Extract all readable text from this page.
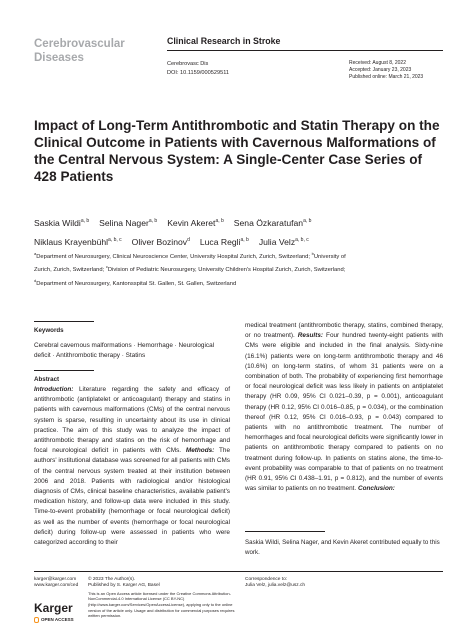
Cerebrovascular
Diseases
Clinical Research in Stroke
Cerebrovasc Dis
DOI: 10.1159/000529511
Received: August 8, 2022
Accepted: January 23, 2023
Published online: March 21, 2023
Impact of Long-Term Antithrombotic and Statin Therapy on the Clinical Outcome in Patients with Cavernous Malformations of the Central Nervous System: A Single-Center Case Series of 428 Patients
Saskia Wildi$^{a, b}$ Selina Nager$^{a, b}$ Kevin Akeret$^{a, b}$ Sena Özkaratufan$^{a, b}$
Niklaus Krayenbühl$^{a, b, c}$ Oliver Bozinov$^d$ Luca Regli$^{a, b}$ Julia Velz$^{a, b, c}$
$^a$Department of Neurosurgery, Clinical Neuroscience Center, University Hospital Zurich, Zurich, Switzerland; $^b$University of Zurich, Zurich, Switzerland; $^c$Division of Pediatric Neurosurgery, University Children's Hospital Zurich, Zurich, Switzerland; $^d$Department of Neurosurgery, Kantonsspital St. Gallen, St. Gallen, Switzerland
Keywords
Cerebral cavernous malformations · Hemorrhage · Neurological deficit · Antithrombotic therapy · Statins
Abstract
Introduction: Literature regarding the safety and efficacy of antithrombotic (antiplatelet or anticoagulant) therapy and statins in patients with cavernous malformations (CMs) of the central nervous system is sparse, resulting in uncertainty about its use in clinical practice. The aim of this study was to analyze the impact of antithrombotic therapy and statins on the risk of hemorrhage and focal neurological deficit in patients with CMs. Methods: The authors' institutional database was screened for all patients with CMs of the central nervous system treated at their institution between 2006 and 2018. Patients with radiological and/or histological diagnosis of CMs, clinical baseline characteristics, available patient's medication history, and follow-up data were included in this study. Time-to-event probability (hemorrhage or focal neurological deficit) as well as the number of events (hemorrhage or focal neurological deficit) during follow-up were assessed in patients who were categorized according to their
medical treatment (antithrombotic therapy, statins, combined therapy, or no treatment). Results: Four hundred twenty-eight patients with CMs were eligible and included in the final analysis. Sixty-nine (16.1%) patients were on long-term antithrombotic therapy and 46 (10.6%) on long-term statins, of whom 31 patients were on a combination of both. The probability of experiencing first hemorrhage or focal neurological deficit was less likely in patients on antiplatelet therapy (HR 0.09, 95% CI 0.021–0.39, p = 0.001), anticoagulant therapy (HR 0.12, 95% CI 0.016–0.85, p = 0.034), or the combination thereof (HR 0.12, 95% CI 0.016–0.93, p = 0.043) compared to patients with no antithrombotic treatment. The number of hemorrhages and focal neurological deficits were significantly lower in patients on antithrombotic therapy compared to patients on no treatment during follow-up. In patients on statins alone, the time-to-event probability was comparable to that of patients on no treatment (HR 0.91, 95% CI 0.438–1.91, p = 0.812), and the number of events was similar to patients on no treatment. Conclusion:
Saskia Wildi, Selina Nager, and Kevin Akeret contributed equally to this work.
karger@karger.com
www.karger.com/ced
Karger
OPEN ACCESS
© 2023 The Author(s).
Published by S. Karger AG, Basel
This is an Open Access article licensed under the Creative Commons Attribution-NonCommercial-4.0 International License (CC BY-NC) (http://www.karger.com/Services/OpenAccessLicense), applying only to the online version of the article only. Usage and distribution for commercial purposes requires written permission.
Correspondence to:
Julia Velz, julia.velz@usz.ch
